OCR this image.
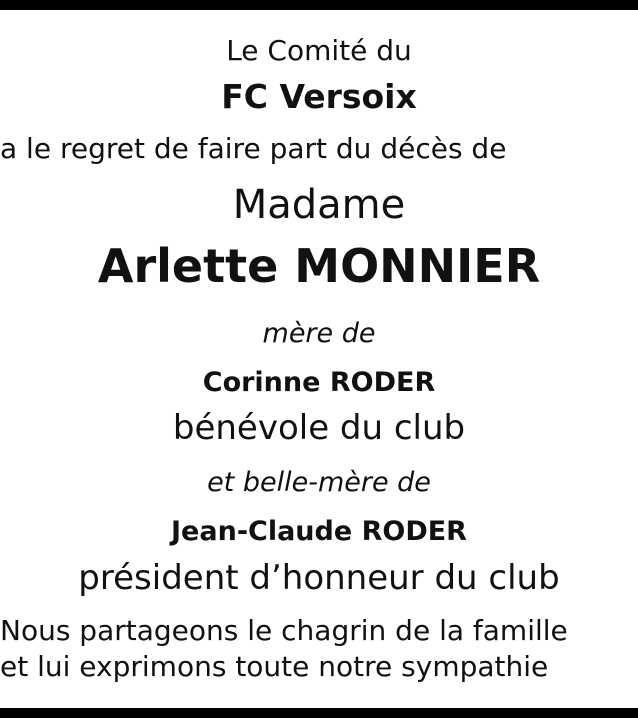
Le Comité du
FC Versoix
a le regret de faire part du décès de
Madame
Arlette MONNIER
mère de
Corinne RODER
bénévole du club
et belle-mère de
Jean-Claude RODER
président d’honneur du club
Nous partageons le chagrin de la famille
et lui exprimons toute notre sympathie
